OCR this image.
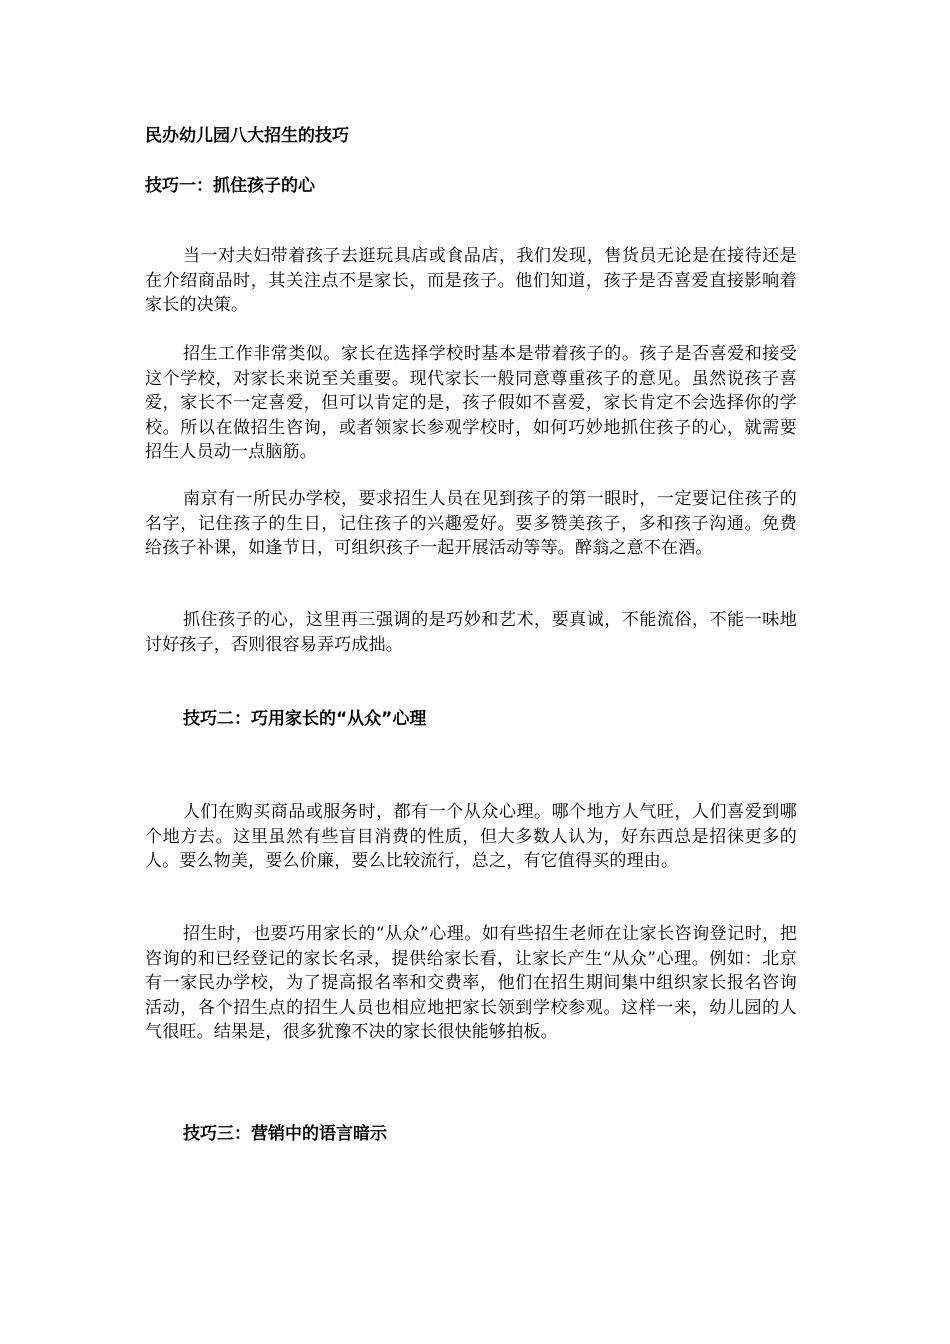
民办幼儿园八大招生的技巧
技巧一：抓住孩子的心

当一对夫妇带着孩子去逛玩具店或食品店，我们发现，售货员无论是在接待还是在介绍商品时，其关注点不是家长，而是孩子。他们知道，孩子是否喜爱直接影响着家长的决策。

招生工作非常类似。家长在选择学校时基本是带着孩子的。孩子是否喜爱和接受这个学校，对家长来说至关重要。现代家长一般同意尊重孩子的意见。虽然说孩子喜爱，家长不一定喜爱，但可以肯定的是，孩子假如不喜爱，家长肯定不会选择你的学校。所以在做招生咨询，或者领家长参观学校时，如何巧妙地抓住孩子的心，就需要招生人员动一点脑筋。

南京有一所民办学校，要求招生人员在见到孩子的第一眼时，一定要记住孩子的名字，记住孩子的生日，记住孩子的兴趣爱好。要多赞美孩子，多和孩子沟通。免费给孩子补课，如逢节日，可组织孩子一起开展活动等等。醉翁之意不在酒。

抓住孩子的心，这里再三强调的是巧妙和艺术，要真诚，不能流俗，不能一味地讨好孩子，否则很容易弄巧成拙。

技巧二：巧用家长的“从众”心理

人们在购买商品或服务时，都有一个从众心理。哪个地方人气旺，人们喜爱到哪个地方去。这里虽然有些盲目消费的性质，但大多数人认为，好东西总是招徕更多的人。要么物美，要么价廉，要么比较流行，总之，有它值得买的理由。

招生时，也要巧用家长的“从众”心理。如有些招生老师在让家长咨询登记时，把咨询的和已经登记的家长名录，提供给家长看，让家长产生“从众”心理。例如：北京有一家民办学校，为了提高报名率和交费率，他们在招生期间集中组织家长报名咨询活动，各个招生点的招生人员也相应地把家长领到学校参观。这样一来，幼儿园的人气很旺。结果是，很多犹豫不决的家长很快能够拍板。

技巧三：营销中的语言暗示
